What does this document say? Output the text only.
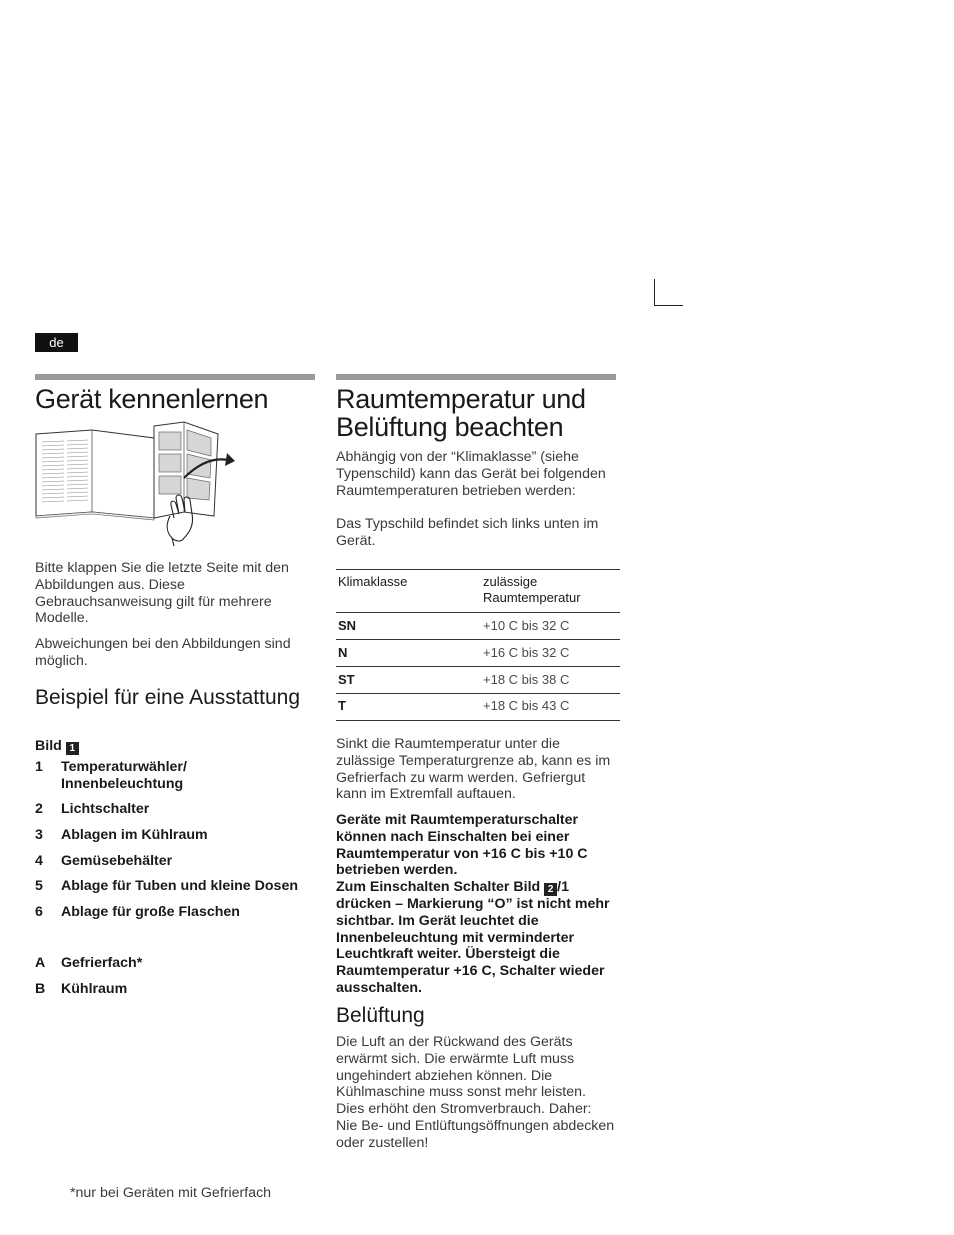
de
Gerät kennenlernen

Bitte klappen Sie die letzte Seite mit den Abbildungen aus. Diese Gebrauchsanweisung gilt für mehrere Modelle.

Abweichungen bei den Abbildungen sind möglich.

Beispiel für eine Ausstattung
Bild 1
1	Temperaturwähler/ Innenbeleuchtung
2	Lichtschalter
3	Ablagen im Kühlraum
4	Gemüsebehälter
5	Ablage für Tuben und kleine Dosen
6	Ablage für große Flaschen
A	Gefrierfach*
B	Kühlraum
*nur bei Geräten mit Gefrierfach
Raumtemperatur und
Belüftung beachten

Abhängig von der “Klimaklasse” (siehe Typenschild) kann das Gerät bei folgenden Raumtemperaturen betrieben werden:

Das Typschild befindet sich links unten im Gerät.

Klimaklasse	zulässige
Raumtemperatur
SN	+10 C bis 32 C
N	+16 C bis 32 C
ST	+18 C bis 38 C
T	+18 C bis 43 C

Sinkt die Raumtemperatur unter die zulässige Temperaturgrenze ab, kann es im Gefrierfach zu warm werden. Gefriergut kann im Extremfall auftauen.

Geräte mit Raumtemperaturschalter können nach Einschalten bei einer Raumtemperatur von +16 C bis +10 C betrieben werden.

Zum Einschalten Schalter Bild 2 /1 drücken – Markierung “O” ist nicht mehr sichtbar. Im Gerät leuchtet die Innenbeleuchtung mit verminderter Leuchtkraft weiter. Übersteigt die Raumtemperatur +16 C, Schalter wieder ausschalten.

Belüftung

Die Luft an der Rückwand des Geräts erwärmt sich. Die erwärmte Luft muss ungehindert abziehen können. Die Kühlmaschine muss sonst mehr leisten. Dies erhöht den Stromverbrauch. Daher: Nie Be- und Entlüftungsöffnungen abdecken oder zustellen!
